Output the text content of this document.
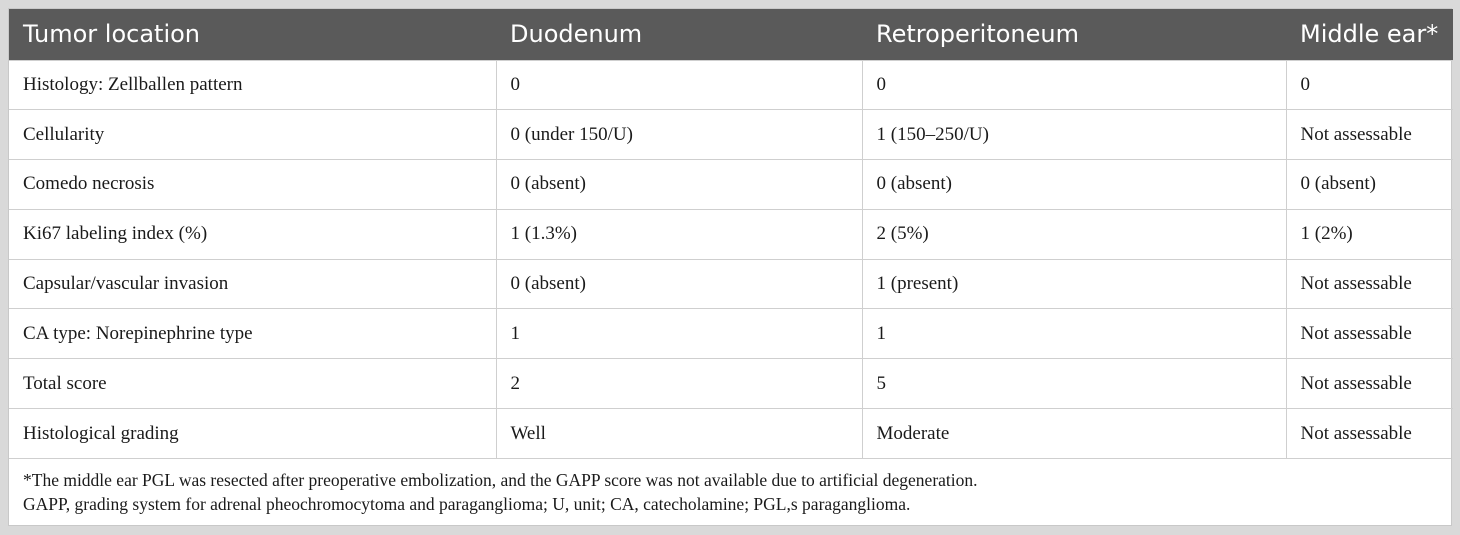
Tumor location	Duodenum	Retroperitoneum	Middle ear*
Histology: Zellballen pattern	0	0	0
Cellularity	0 (under 150/U)	1 (150–250/U)	Not assessable
Comedo necrosis	0 (absent)	0 (absent)	0 (absent)
Ki67 labeling index (%)	1 (1.3%)	2 (5%)	1 (2%)
Capsular/vascular invasion	0 (absent)	1 (present)	Not assessable
CA type: Norepinephrine type	1	1	Not assessable
Total score	2	5	Not assessable
Histological grading	Well	Moderate	Not assessable
*The middle ear PGL was resected after preoperative embolization, and the GAPP score was not available due to artificial degeneration.
GAPP, grading system for adrenal pheochromocytoma and paraganglioma; U, unit; CA, catecholamine; PGL,s paraganglioma.
